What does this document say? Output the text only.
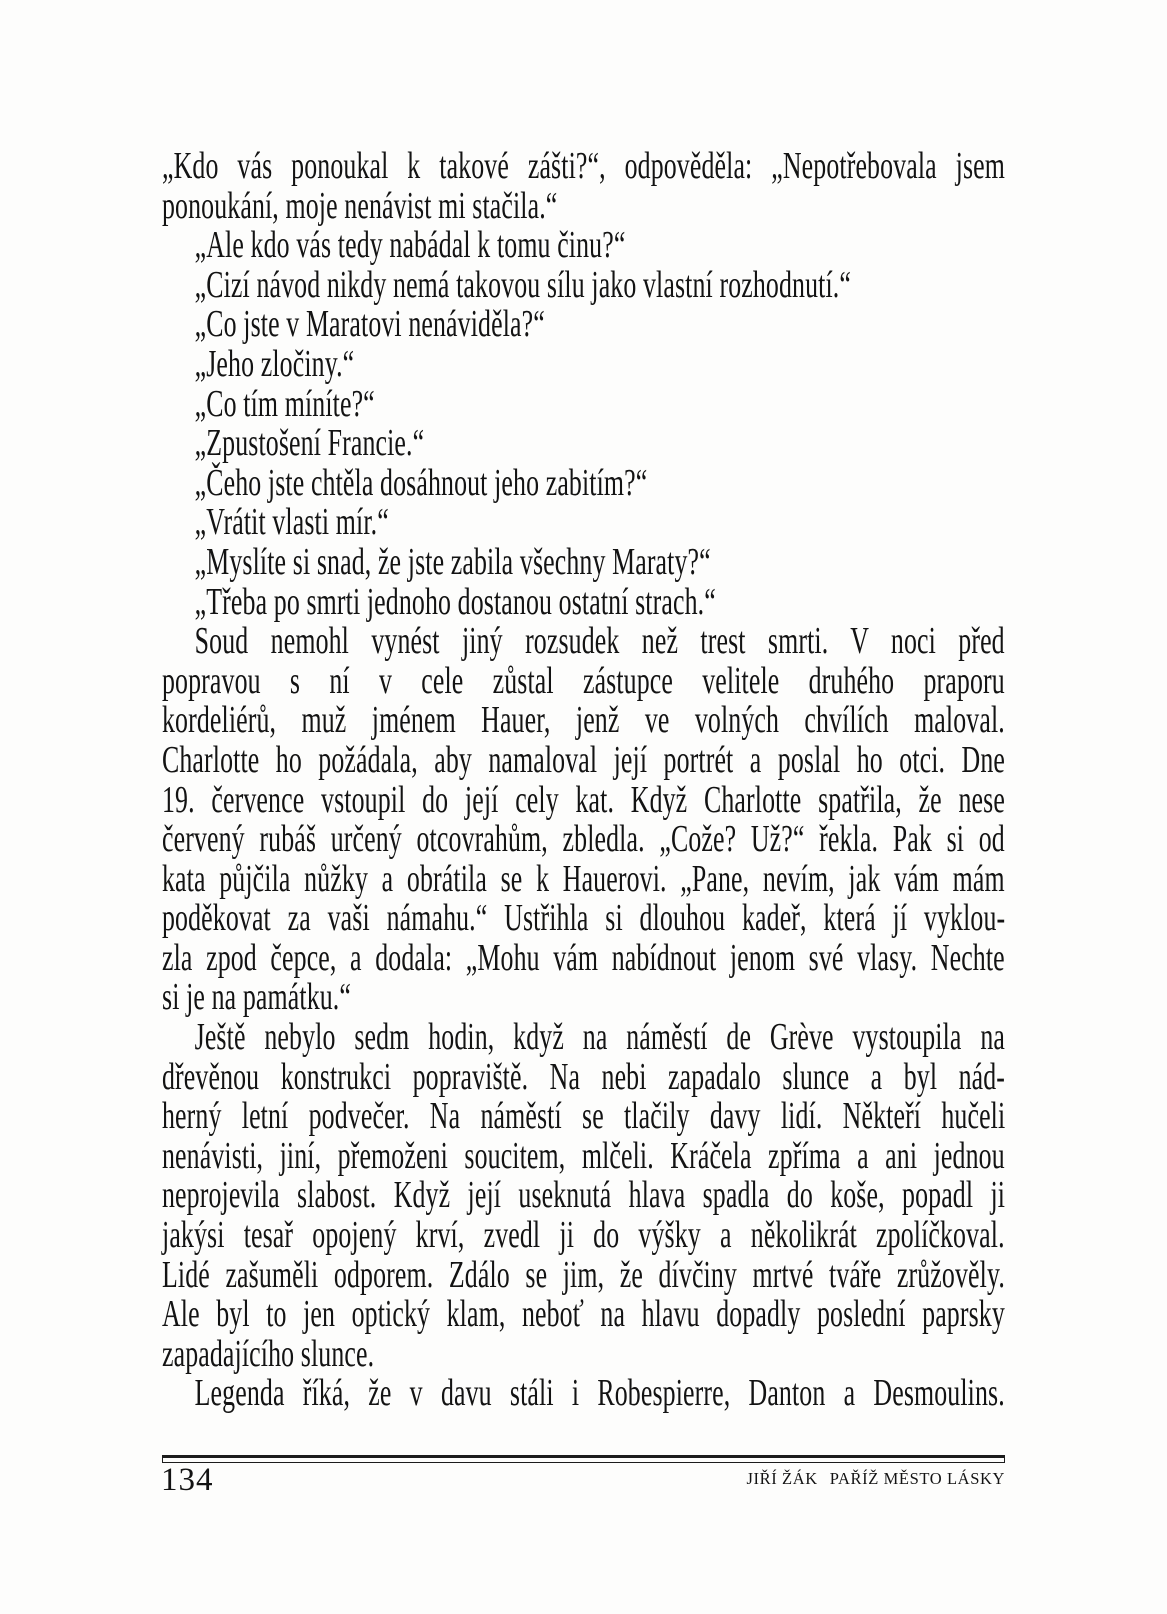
„Kdo vás ponoukal k takové zášti?“, odpověděla: „Nepotřebovala jsem
ponoukání, moje nenávist mi stačila.“
„Ale kdo vás tedy nabádal k tomu činu?“
„Cizí návod nikdy nemá takovou sílu jako vlastní rozhodnutí.“
„Co jste v Maratovi nenáviděla?“
„Jeho zločiny.“
„Co tím míníte?“
„Zpustošení Francie.“
„Čeho jste chtěla dosáhnout jeho zabitím?“
„Vrátit vlasti mír.“
„Myslíte si snad, že jste zabila všechny Maraty?“
„Třeba po smrti jednoho dostanou ostatní strach.“
Soud nemohl vynést jiný rozsudek než trest smrti. V noci před
popravou s ní v cele zůstal zástupce velitele druhého praporu
kordeliérů, muž jménem Hauer, jenž ve volných chvílích maloval.
Charlotte ho požádala, aby namaloval její portrét a poslal ho otci. Dne
19. července vstoupil do její cely kat. Když Charlotte spatřila, že nese
červený rubáš určený otcovrahům, zbledla. „Cože? Už?“ řekla. Pak si od
kata půjčila nůžky a obrátila se k Hauerovi. „Pane, nevím, jak vám mám
poděkovat za vaši námahu.“ Ustřihla si dlouhou kadeř, která jí vyklou-
zla zpod čepce, a dodala: „Mohu vám nabídnout jenom své vlasy. Nechte
si je na památku.“
Ještě nebylo sedm hodin, když na náměstí de Grève vystoupila na
dřevěnou konstrukci popraviště. Na nebi zapadalo slunce a byl nád-
herný letní podvečer. Na náměstí se tlačily davy lidí. Někteří hučeli
nenávisti, jiní, přemoženi soucitem, mlčeli. Kráčela zpříma a ani jednou
neprojevila slabost. Když její useknutá hlava spadla do koše, popadl ji
jakýsi tesař opojený krví, zvedl ji do výšky a několikrát zpolíčkoval.
Lidé zašuměli odporem. Zdálo se jim, že dívčiny mrtvé tváře zrůžověly.
Ale byl to jen optický klam, neboť na hlavu dopadly poslední paprsky
zapadajícího slunce.
Legenda říká, že v davu stáli i Robespierre, Danton a Desmoulins.
134	JIŘÍ ŽÁK PAŘÍŽ MĚSTO LÁSKY
